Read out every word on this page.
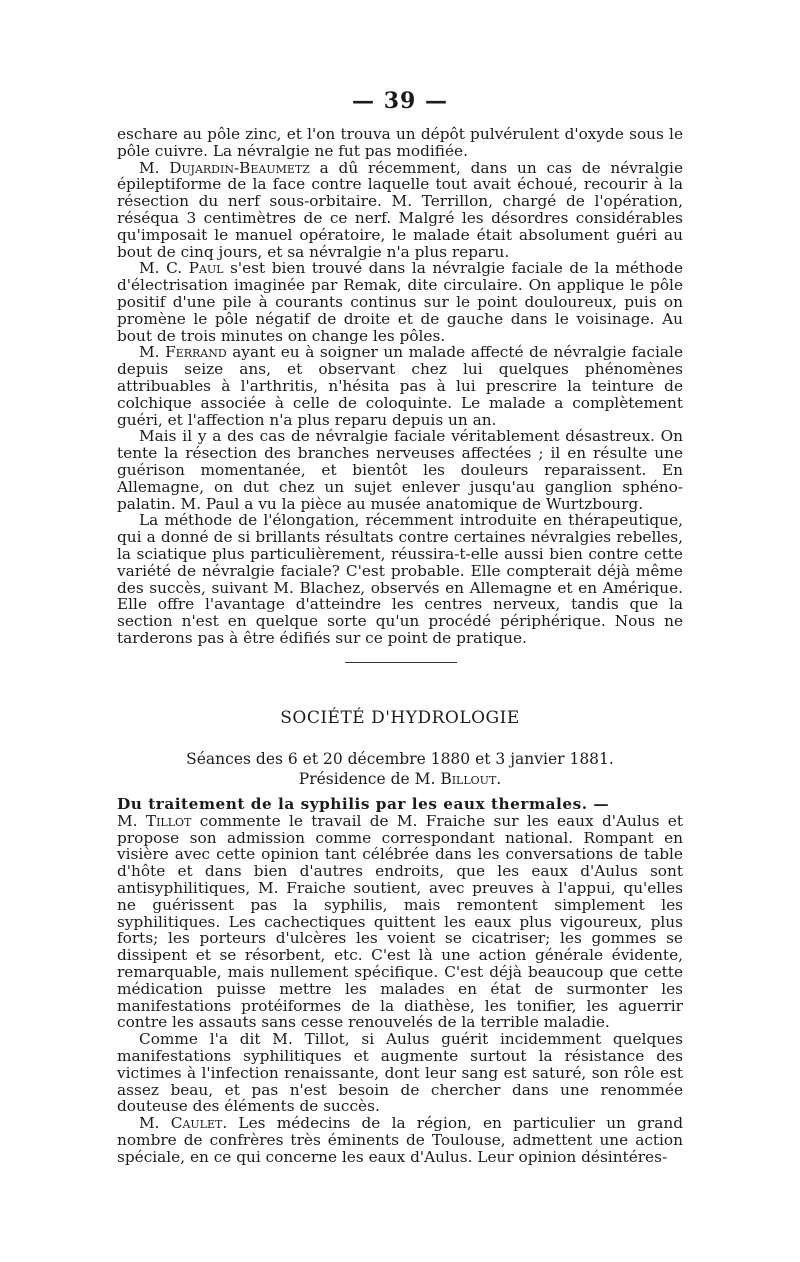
— 39 —

eschare au pôle zinc, et l'on trouva un dépôt pulvérulent d'oxyde sous le pôle cuivre. La névralgie ne fut pas modifiée.

M. Dujardin-Beaumetz a dû récemment, dans un cas de névralgie épileptiforme de la face contre laquelle tout avait échoué, recourir à la résection du nerf sous-orbitaire. M. Terrillon, chargé de l'opération, réséqua 3 centimètres de ce nerf. Malgré les désordres considérables qu'imposait le manuel opératoire, le malade était absolument guéri au bout de cinq jours, et sa névralgie n'a plus reparu.

M. C. Paul s'est bien trouvé dans la névralgie faciale de la méthode d'électrisation imaginée par Remak, dite circulaire. On applique le pôle positif d'une pile à courants continus sur le point douloureux, puis on promène le pôle négatif de droite et de gauche dans le voisinage. Au bout de trois minutes on change les pôles.

M. Ferrand ayant eu à soigner un malade affecté de névralgie faciale depuis seize ans, et observant chez lui quelques phénomènes attribuables à l'arthritis, n'hésita pas à lui prescrire la teinture de colchique associée à celle de coloquinte. Le malade a complètement guéri, et l'affection n'a plus reparu depuis un an.

Mais il y a des cas de névralgie faciale véritablement désastreux. On tente la résection des branches nerveuses affectées ; il en résulte une guérison momentanée, et bientôt les douleurs reparaissent. En Allemagne, on dut chez un sujet enlever jusqu'au ganglion sphéno-palatin. M. Paul a vu la pièce au musée anatomique de Wurtzbourg.

La méthode de l'élongation, récemment introduite en thérapeutique, qui a donné de si brillants résultats contre certaines névralgies rebelles, la sciatique plus particulièrement, réussira-t-elle aussi bien contre cette variété de névralgie faciale? C'est probable. Elle compterait déjà même des succès, suivant M. Blachez, observés en Allemagne et en Amérique. Elle offre l'avantage d'atteindre les centres nerveux, tandis que la section n'est en quelque sorte qu'un procédé périphérique. Nous ne tarderons pas à être édifiés sur ce point de pratique.

SOCIÉTÉ D'HYDROLOGIE
Séances des 6 et 20 décembre 1880 et 3 janvier 1881.
Présidence de M. Billout.

Du traitement de la syphilis par les eaux thermales. —

M. Tillot commente le travail de M. Fraiche sur les eaux d'Aulus et propose son admission comme correspondant national. Rompant en visière avec cette opinion tant célébrée dans les conversations de table d'hôte et dans bien d'autres endroits, que les eaux d'Aulus sont antisyphilitiques, M. Fraiche soutient, avec preuves à l'appui, qu'elles ne guérissent pas la syphilis, mais remontent simplement les syphilitiques. Les cachectiques quittent les eaux plus vigoureux, plus forts; les porteurs d'ulcères les voient se cicatriser; les gommes se dissipent et se résorbent, etc. C'est là une action générale évidente, remarquable, mais nullement spécifique. C'est déjà beaucoup que cette médication puisse mettre les malades en état de surmonter les manifestations protéiformes de la diathèse, les tonifier, les aguerrir contre les assauts sans cesse renouvelés de la terrible maladie.

Comme l'a dit M. Tillot, si Aulus guérit incidemment quelques manifestations syphilitiques et augmente surtout la résistance des victimes à l'infection renaissante, dont leur sang est saturé, son rôle est assez beau, et pas n'est besoin de chercher dans une renommée douteuse des éléments de succès.

M. Caulet. Les médecins de la région, en particulier un grand nombre de confrères très éminents de Toulouse, admettent une action spéciale, en ce qui concerne les eaux d'Aulus. Leur opinion désintéres-
